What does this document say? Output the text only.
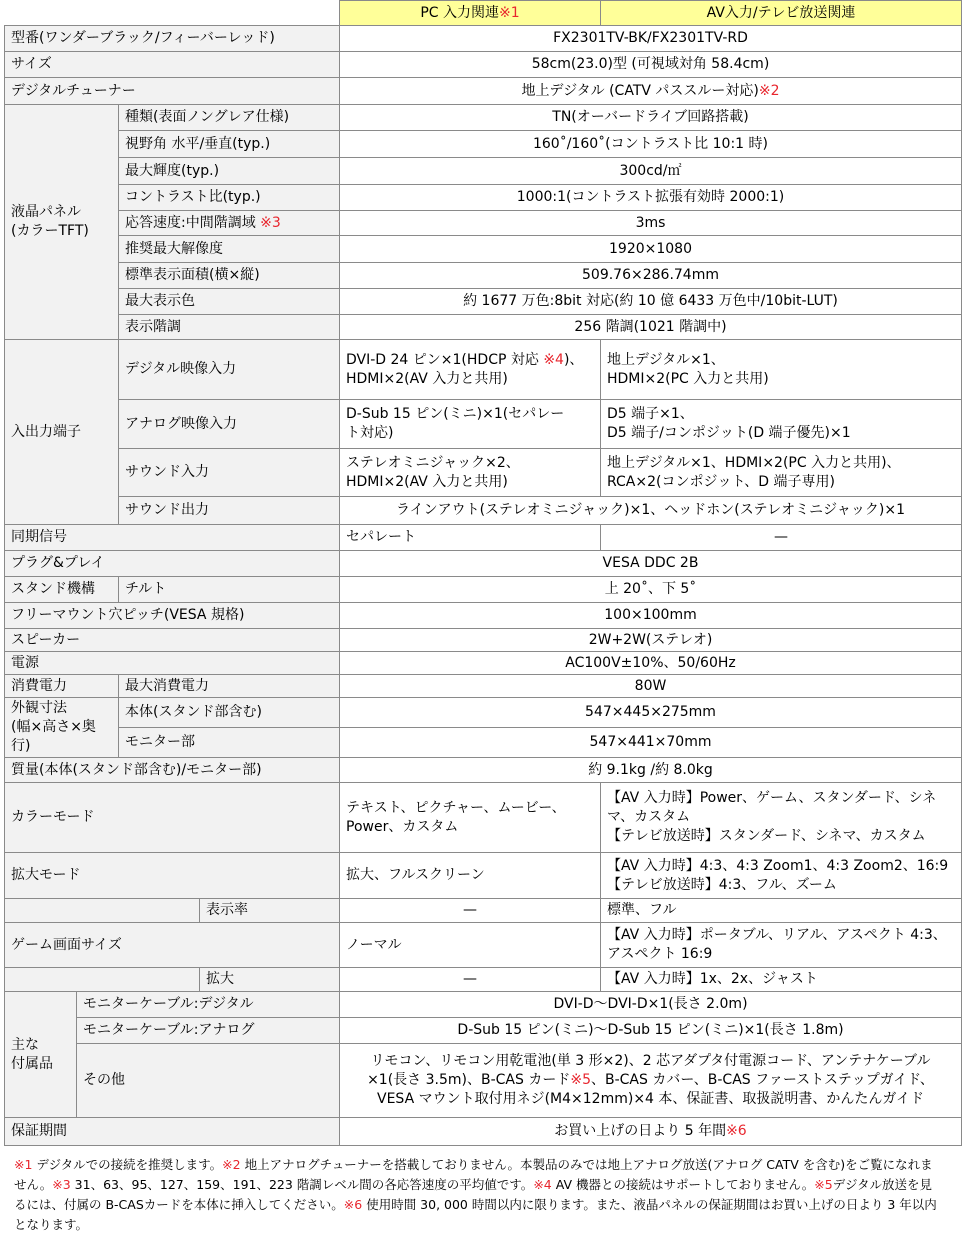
				PC 入力関連※1	AV入力/テレビ放送関連
型番(ワンダーブラック/フィーバーレッド)				FX2301TV-BK/FX2301TV-RD	
サイズ				58cm(23.0)型 (可視域対角 58.4cm)	
デジタルチューナー				地上デジタル (CATV パススルー対応)※2	
液晶パネル
(カラーTFT)		種類(表面ノングレア仕様)		TN(オーバードライブ回路搭載)	
		視野角 水平/垂直(typ.)		160˚/160˚(コントラスト比 10:1 時)	
		最大輝度(typ.)		300cd/㎡	
		コントラスト比(typ.)		1000:1(コントラスト拡張有効時 2000:1)	
		応答速度:中間階調域 ※3		3ms	
		推奨最大解像度		1920×1080	
		標準表示面積(横×縦)		509.76×286.74mm	
		最大表示色		約 1677 万色:8bit 対応(約 10 億 6433 万色中/10bit-LUT)	
		表示階調		256 階調(1021 階調中)	
入出力端子		デジタル映像入力		DVI-D 24 ピン×1(HDCP 対応 ※4)、HDMI×2(AV 入力と共用)	地上デジタル×1、
HDMI×2(PC 入力と共用)
		アナログ映像入力		D-Sub 15 ピン(ミニ)×1(セパレー
ト対応)	D5 端子×1、
D5 端子/コンポジット(D 端子優先)×1
		サウンド入力		ステレオミニジャック×2、
HDMI×2(AV 入力と共用)	地上デジタル×1、HDMI×2(PC 入力と共用)、
RCA×2(コンポジット、D 端子専用)
		サウンド出力		ラインアウト(ステレオミニジャック)×1、ヘッドホン(ステレオミニジャック)×1	
同期信号				セパレート	—
プラグ&プレイ				VESA DDC 2B	
スタンド機構		チルト		上 20˚、下 5˚	
フリーマウント穴ピッチ(VESA 規格)				100×100mm	
スピーカー				2W+2W(ステレオ)	
電源				AC100V±10%、50/60Hz	
消費電力		最大消費電力		80W	
外観寸法
(幅×高さ×奥行)		本体(スタンド部含む)		547×445×275mm	
		モニター部		547×441×70mm	
質量(本体(スタンド部含む)/モニター部)				約 9.1kg /約 8.0kg	
カラーモード				テキスト、ピクチャー、ムービー、
Power、カスタム	【AV 入力時】Power、ゲーム、スタンダード、シネ
マ、カスタム
【テレビ放送時】スタンダード、シネマ、カスタム
拡大モード				拡大、フルスクリーン	【AV 入力時】4:3、4:3 Zoom1、4:3 Zoom2、16:9
【テレビ放送時】4:3、フル、ズーム
			表示率	—	標準、フル
ゲーム画面サイズ				ノーマル	【AV 入力時】ポータブル、リアル、アスペクト 4:3、
アスペクト 16:9
			拡大	—	【AV 入力時】1x、2x、ジャスト
主な
付属品	モニターケーブル:デジタル			DVI-D〜DVI-D×1(長さ 2.0m)	
	モニターケーブル:アナログ			D-Sub 15 ピン(ミニ)〜D-Sub 15 ピン(ミニ)×1(長さ 1.8m)	
	その他			リモコン、リモコン用乾電池(単 3 形×2)、2 芯アダプタ付電源コード、アンテナケーブル
×1(長さ 3.5m)、B-CAS カード※5、B-CAS カバー、B-CAS ファーストステップガイド、
VESA マウント取付用ネジ(M4×12mm)×4 本、保証書、取扱説明書、かんたんガイド	
保証期間				お買い上げの日より 5 年間※6	
※1 デジタルでの接続を推奨します。※2 地上アナログチューナーを搭載しておりません。本製品のみでは地上アナログ放送(アナログ CATV を含む)をご覧になれません。※3 31、63、95、127、159、191、223 階調レベル間の各応答速度の平均値です。※4 AV 機器との接続はサポートしておりません。※5デジタル放送を見るには、付属の B-CASカードを本体に挿入してください。※6 使用時間 30, 000 時間以内に限ります。また、液晶パネルの保証期間はお買い上げの日より 3 年以内となります。
